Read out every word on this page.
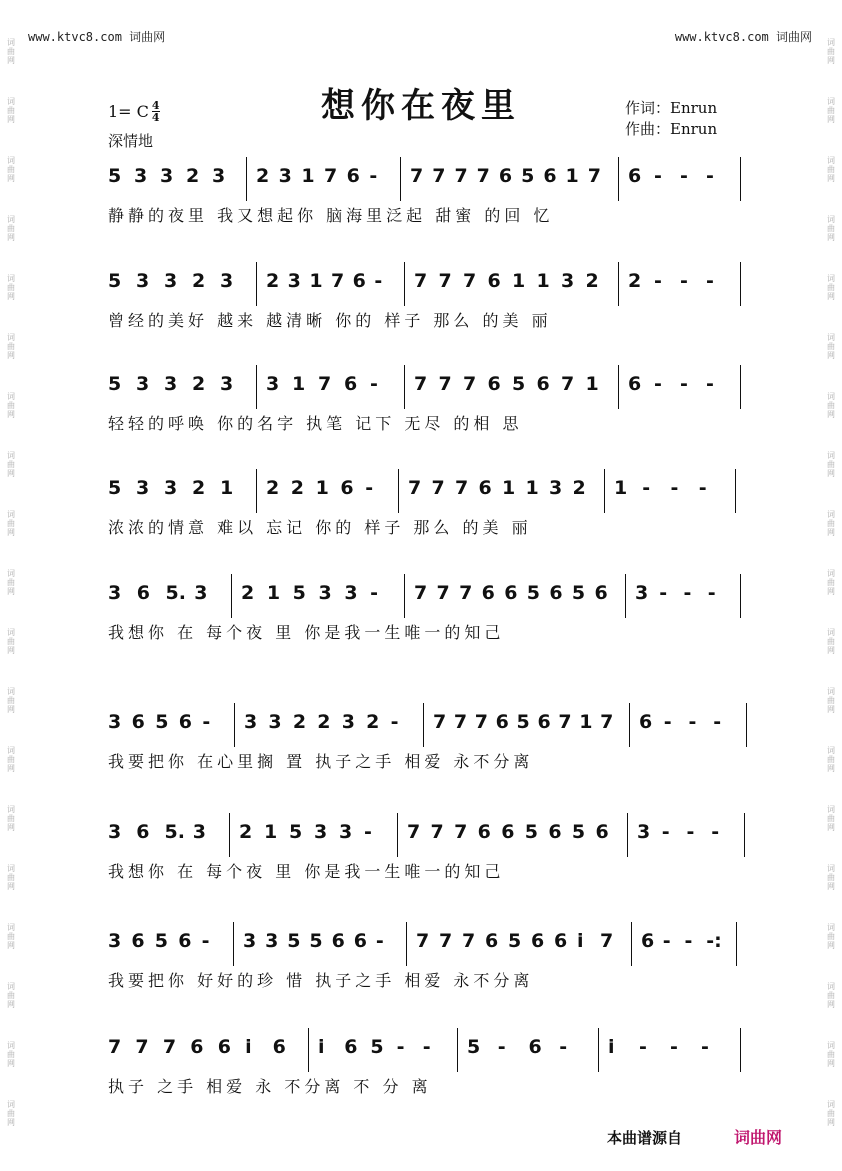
词
曲
网
词
曲
网
词
曲
网
词
曲
网
词
曲
网
词
曲
网
词
曲
网
词
曲
网
词
曲
网
词
曲
网
词
曲
网
词
曲
网
词
曲
网
词
曲
网
词
曲
网
词
曲
网
词
曲
网
词
曲
网
词
曲
网
词
曲
网
词
曲
网
词
曲
网
词
曲
网
词
曲
网
词
曲
网
词
曲
网
词
曲
网
词
曲
网
词
曲
网
词
曲
网
词
曲
网
词
曲
网
词
曲
网
词
曲
网
词
曲
网
词
曲
网
词
曲
网
词
曲
网
www.ktvc8.com 词曲网	www.ktvc8.com 词曲网
想你在夜里
1= C $\frac{4}{4}$
深情地
作词：Enrun
作曲：Enrun
5 3 3 2 3 2 3 1 7 6 - 7 7 7 7 6 5 6 1 7 6 - - -
静静的夜里 我又想起你 脑海里泛起 甜蜜 的回 忆
5 3 3 2 3 2 3 1 7 6 - 7 7 7 6 1 1 3 2 2 - - -
曾经的美好 越来 越清晰 你的 样子 那么 的美 丽
5 3 3 2 3 3 1 7 6 - 7 7 7 6 5 6 7 1 6 - - -
轻轻的呼唤 你的名字 执笔 记下 无尽 的相 思
5 3 3 2 1 2 2 1 6 - 7 7 7 6 1 1 3 2 1 - - -
浓浓的情意 难以 忘记 你的 样子 那么 的美 丽
3 6 5. 3 2 1 5 3 3 - 7 7 7 6 6 5 6 5 6 3 - - -
我想你 在 每个夜 里 你是我一生唯一的知己
3 6 5 6 - 3 3 2 2 3 2 - 7 7 7 6 5 6 7 1 7 6 - - -
我要把你 在心里搁 置 执子之手 相爱 永不分离
3 6 5. 3 2 1 5 3 3 - 7 7 7 6 6 5 6 5 6 3 - - -
我想你 在 每个夜 里 你是我一生唯一的知己
3 6 5 6 - 3 3 5 5 6 6 - 7 7 7 6 5 6 6 i 7 6 - - -:
我要把你 好好的珍 惜 执子之手 相爱 永不分离
7 7 7 6 6 i 6 i 6 5 - - 5 - 6 - i - - -
执子 之手 相爱 永 不分离 不 分 离
本曲谱源自	词曲网
